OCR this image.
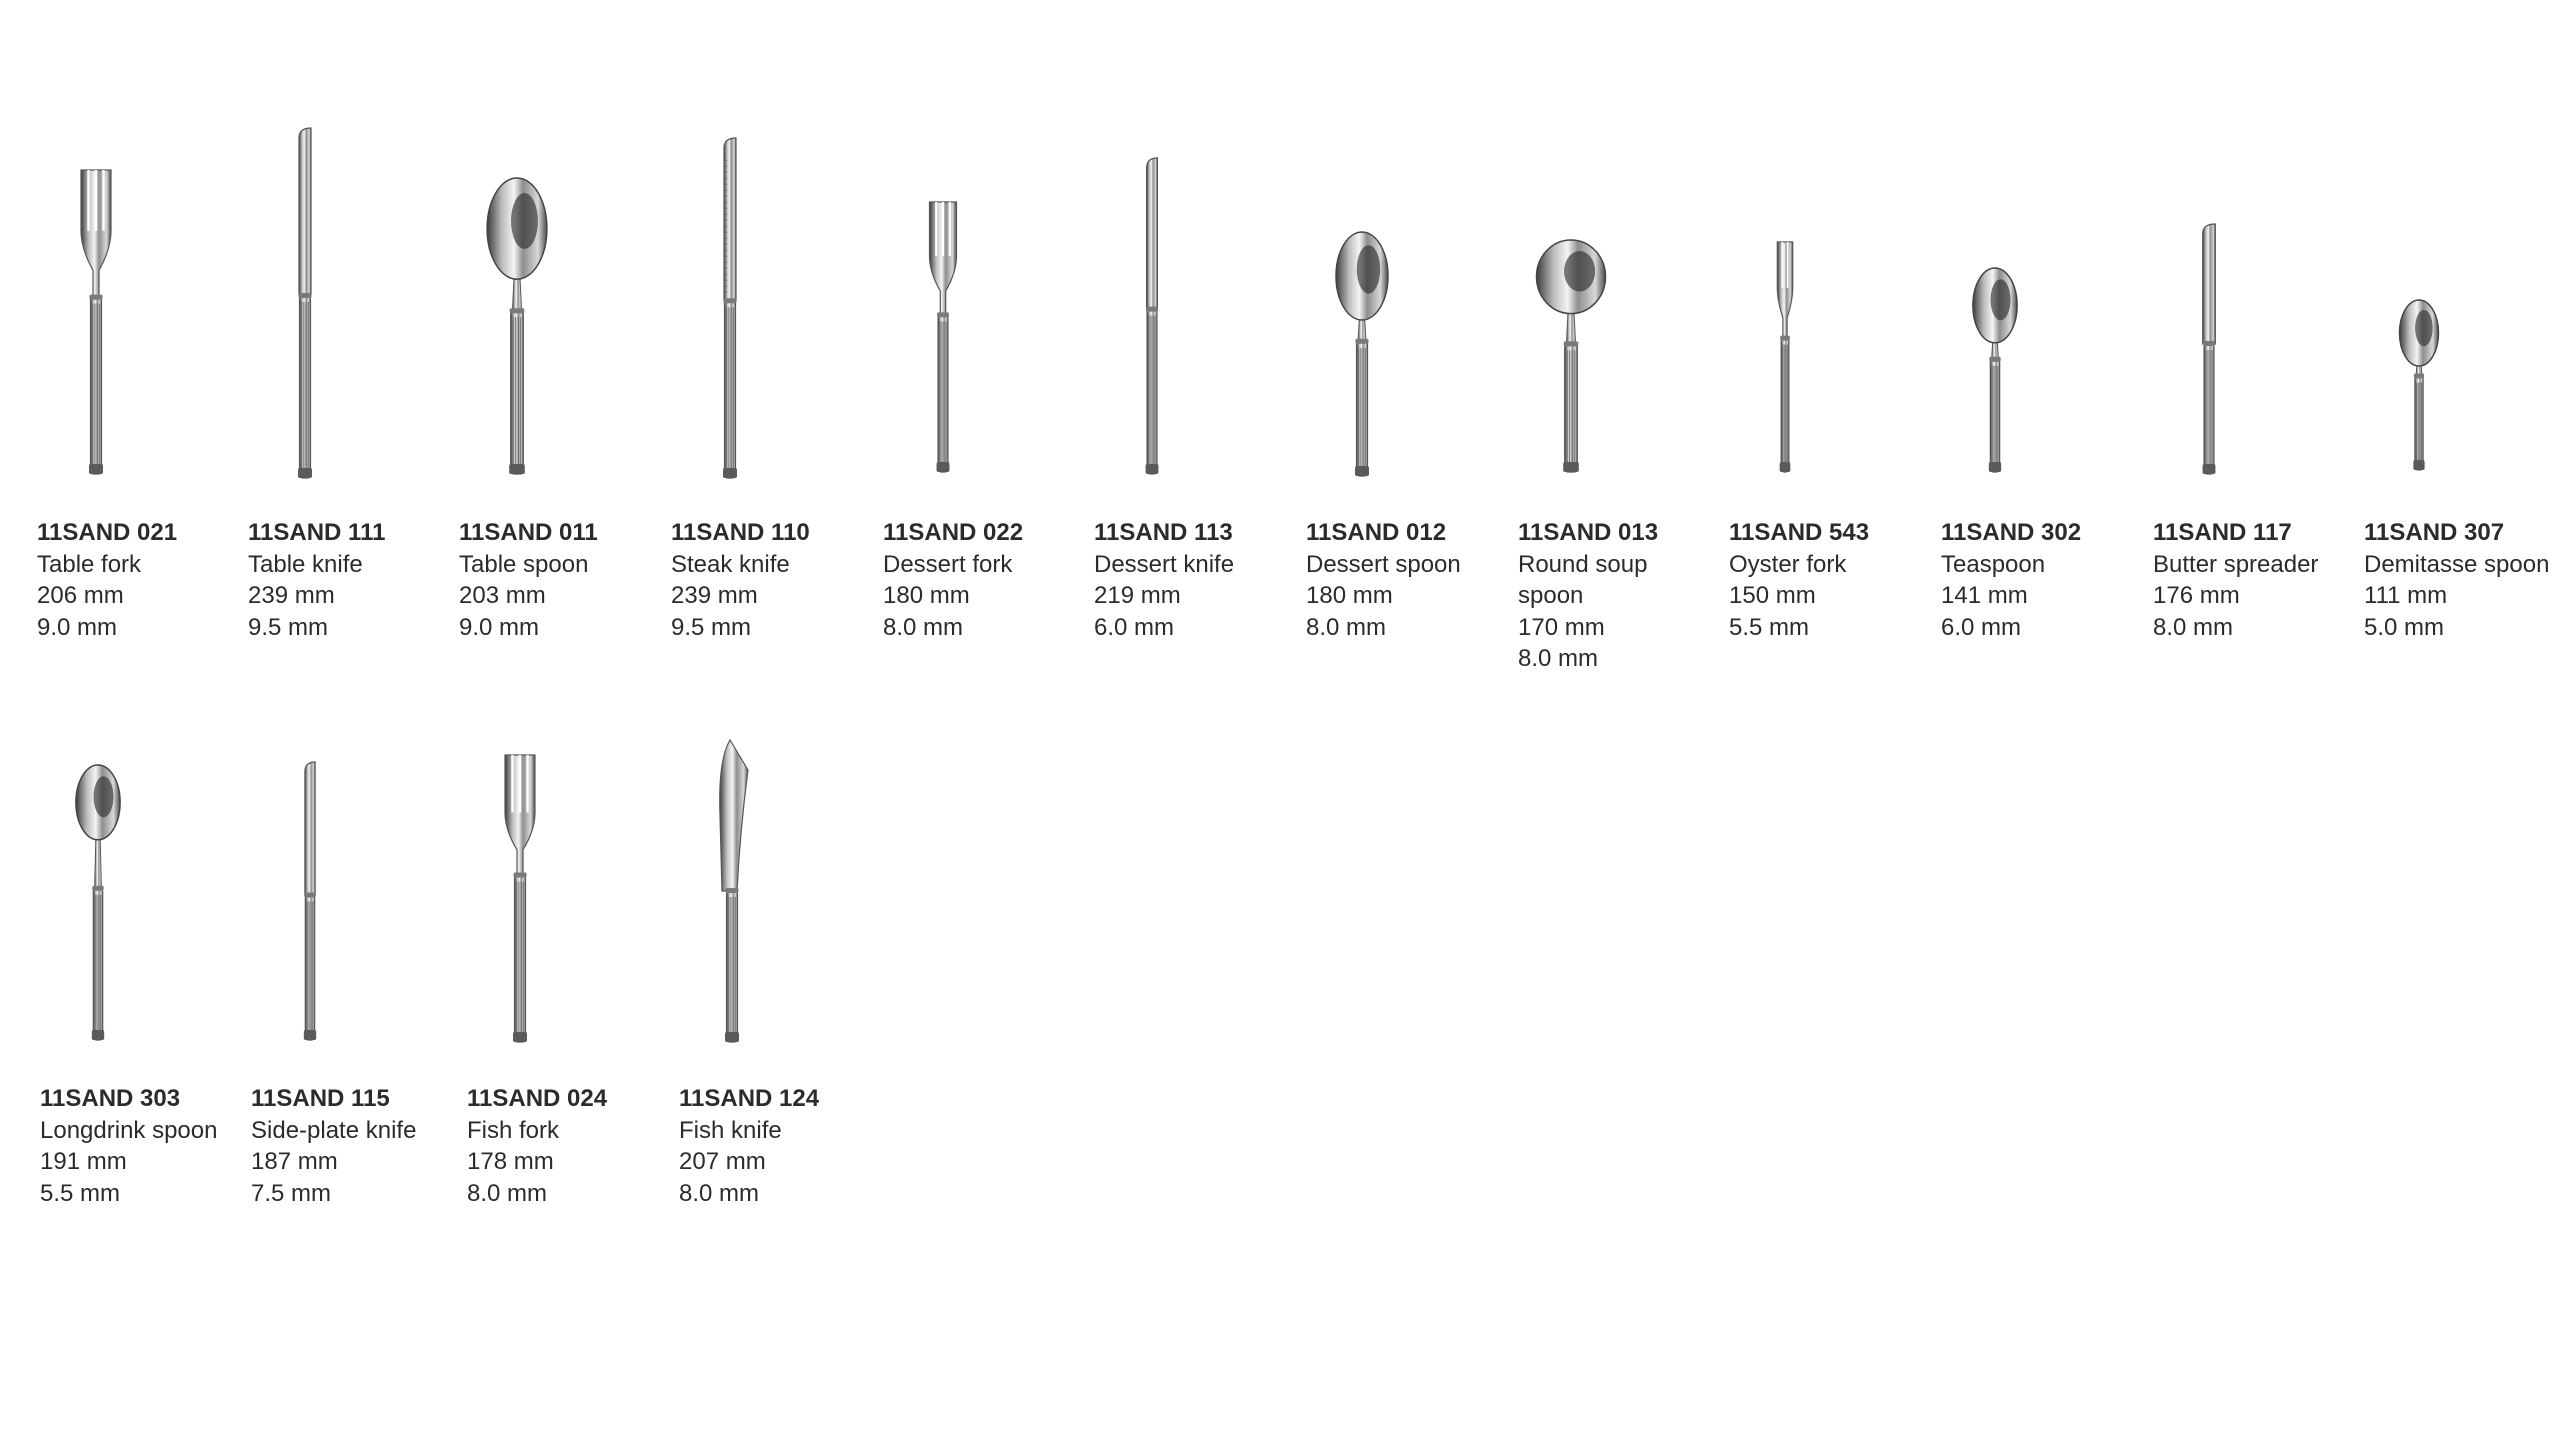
11SAND 021
Table fork
206 mm
9.0 mm
11SAND 111
Table knife
239 mm
9.5 mm
11SAND 011
Table spoon
203 mm
9.0 mm
11SAND 110
Steak knife
239 mm
9.5 mm
11SAND 022
Dessert fork
180 mm
8.0 mm
11SAND 113
Dessert knife
219 mm
6.0 mm
11SAND 012
Dessert spoon
180 mm
8.0 mm
11SAND 013
Round soup spoon
170 mm
8.0 mm
11SAND 543
Oyster fork
150 mm
5.5 mm
11SAND 302
Teaspoon
141 mm
6.0 mm
11SAND 117
Butter spreader
176 mm
8.0 mm
11SAND 307
Demitasse spoon
111 mm
5.0 mm
11SAND 303
Longdrink spoon
191 mm
5.5 mm
11SAND 115
Side-plate knife
187 mm
7.5 mm
11SAND 024
Fish fork
178 mm
8.0 mm
11SAND 124
Fish knife
207 mm
8.0 mm
